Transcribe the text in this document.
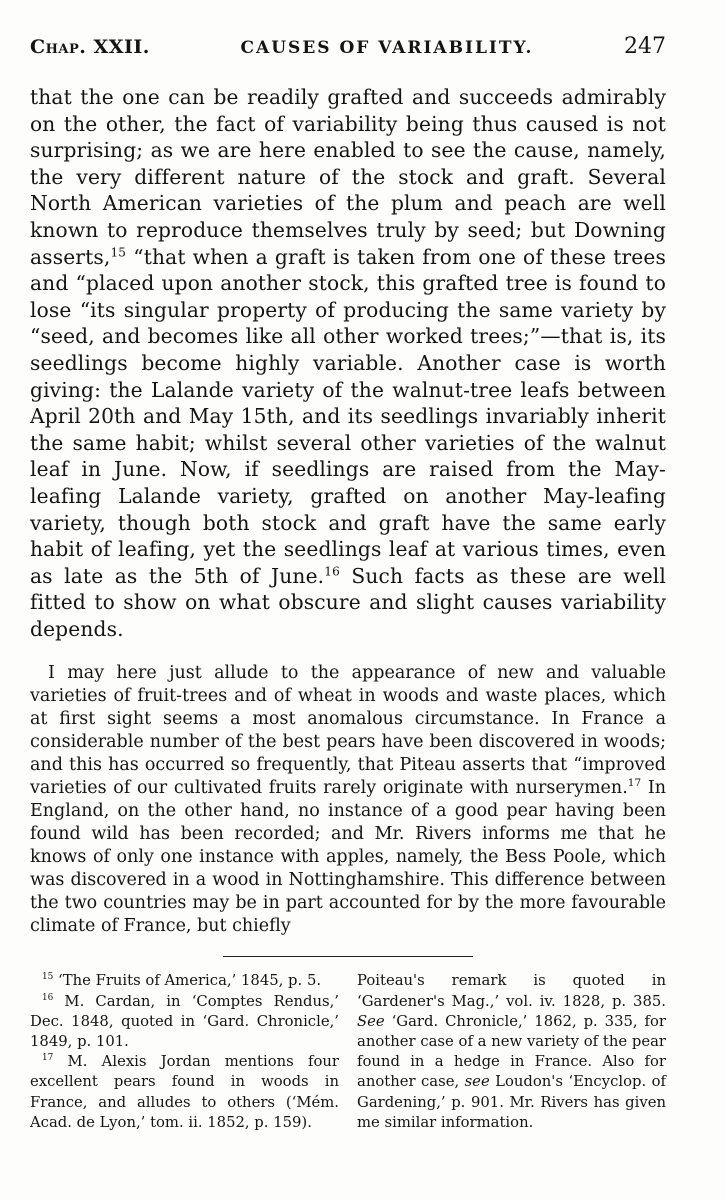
Chap. XXII.	CAUSES OF VARIABILITY.	247

that the one can be readily grafted and succeeds admirably on the other, the fact of variability being thus caused is not surprising; as we are here enabled to see the cause, namely, the very different nature of the stock and graft. Several North American varieties of the plum and peach are well known to reproduce themselves truly by seed; but Downing asserts,$^{15}$ “that when a graft is taken from one of these trees and “placed upon another stock, this grafted tree is found to lose “its singular property of producing the same variety by “seed, and becomes like all other worked trees;”—that is, its seedlings become highly variable. Another case is worth giving: the Lalande variety of the walnut-tree leafs between April 20th and May 15th, and its seedlings invariably inherit the same habit; whilst several other varieties of the walnut leaf in June. Now, if seedlings are raised from the May-leafing Lalande variety, grafted on another May-leafing variety, though both stock and graft have the same early habit of leafing, yet the seedlings leaf at various times, even as late as the 5th of June.$^{16}$ Such facts as these are well fitted to show on what obscure and slight causes variability depends.

I may here just allude to the appearance of new and valuable varieties of fruit-trees and of wheat in woods and waste places, which at first sight seems a most anomalous circumstance. In France a considerable number of the best pears have been discovered in woods; and this has occurred so frequently, that Piteau asserts that “improved varieties of our cultivated fruits rarely originate with nurserymen.$^{17}$ In England, on the other hand, no instance of a good pear having been found wild has been recorded; and Mr. Rivers informs me that he knows of only one instance with apples, namely, the Bess Poole, which was discovered in a wood in Nottinghamshire. This difference between the two countries may be in part accounted for by the more favourable climate of France, but chiefly

$^{15}$ ‘The Fruits of America,’ 1845, p. 5.

$^{16}$ M. Cardan, in ‘Comptes Rendus,’ Dec. 1848, quoted in ‘Gard. Chronicle,’ 1849, p. 101.

$^{17}$ M. Alexis Jordan mentions four excellent pears found in woods in France, and alludes to others (‘Mém. Acad. de Lyon,’ tom. ii. 1852, p. 159).

Poiteau's remark is quoted in ‘Gardener's Mag.,’ vol. iv. 1828, p. 385. See ‘Gard. Chronicle,’ 1862, p. 335, for another case of a new variety of the pear found in a hedge in France. Also for another case, see Loudon's ‘Encyclop. of Gardening,’ p. 901. Mr. Rivers has given me similar information.
